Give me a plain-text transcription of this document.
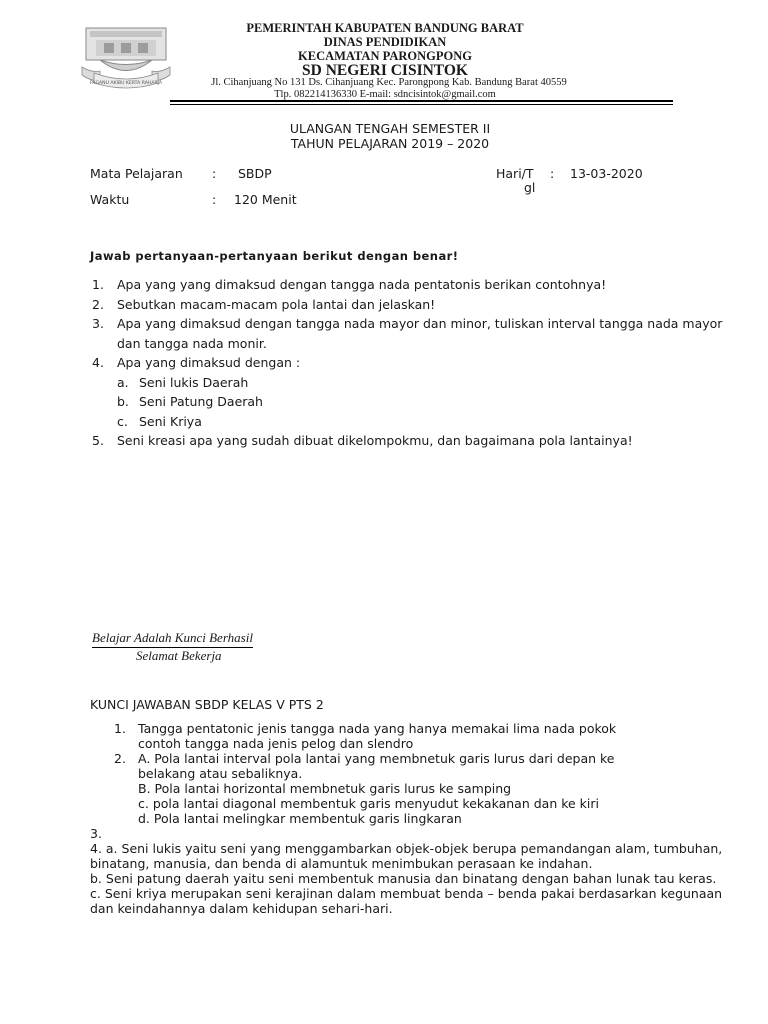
PAGANU AKIBU KERTA RAHARJA
PEMERINTAH KABUPATEN BANDUNG BARAT
DINAS PENDIDIKAN
KECAMATAN PARONGPONG
SD NEGERI CISINTOK
Jl. Cihanjuang No 131 Ds. Cihanjuang Kec. Parongpong Kab. Bandung Barat 40559
Tlp. 082214136330 E-mail: sdncisintok@gmail.com
ULANGAN TENGAH SEMESTER II
TAHUN PELAJARAN 2019 – 2020
Mata Pelajaran : SBDP
Waktu	: 120 Menit
Hari/T
gl
: 13-03-2020
Jawab pertanyaan-pertanyaan berikut dengan benar!
1. Apa yang yang dimaksud dengan tangga nada pentatonis berikan contohnya!
2. Sebutkan macam-macam pola lantai dan jelaskan!
3. Apa yang dimaksud dengan tangga nada mayor dan minor, tuliskan interval tangga nada mayor dan tangga nada monir.
4. Apa yang dimaksud dengan :
a. Seni lukis Daerah
b. Seni Patung Daerah
c. Seni Kriya
5. Seni kreasi apa yang sudah dibuat dikelompokmu, dan bagaimana pola lantainya!
Belajar Adalah Kunci Berhasil
Selamat Bekerja
KUNCI JAWABAN SBDP KELAS V PTS 2
1. Tangga pentatonic jenis tangga nada yang hanya memakai lima nada pokok
contoh tangga nada jenis pelog dan slendro
2. A. Pola lantai interval pola lantai yang membnetuk garis lurus dari depan ke
belakang atau sebaliknya.
B. Pola lantai horizontal membnetuk garis lurus ke samping
c. pola lantai diagonal membentuk garis menyudut kekakanan dan ke kiri
d. Pola lantai melingkar membentuk garis lingkaran

3.

4. a. Seni lukis yaitu seni yang menggambarkan objek-objek berupa pemandangan alam, tumbuhan, binatang, manusia, dan benda di alamuntuk menimbukan perasaan ke indahan.

b. Seni patung daerah yaitu seni membentuk manusia dan binatang dengan bahan lunak tau keras.

c. Seni kriya merupakan seni kerajinan dalam membuat benda – benda pakai berdasarkan kegunaan dan keindahannya dalam kehidupan sehari-hari.
